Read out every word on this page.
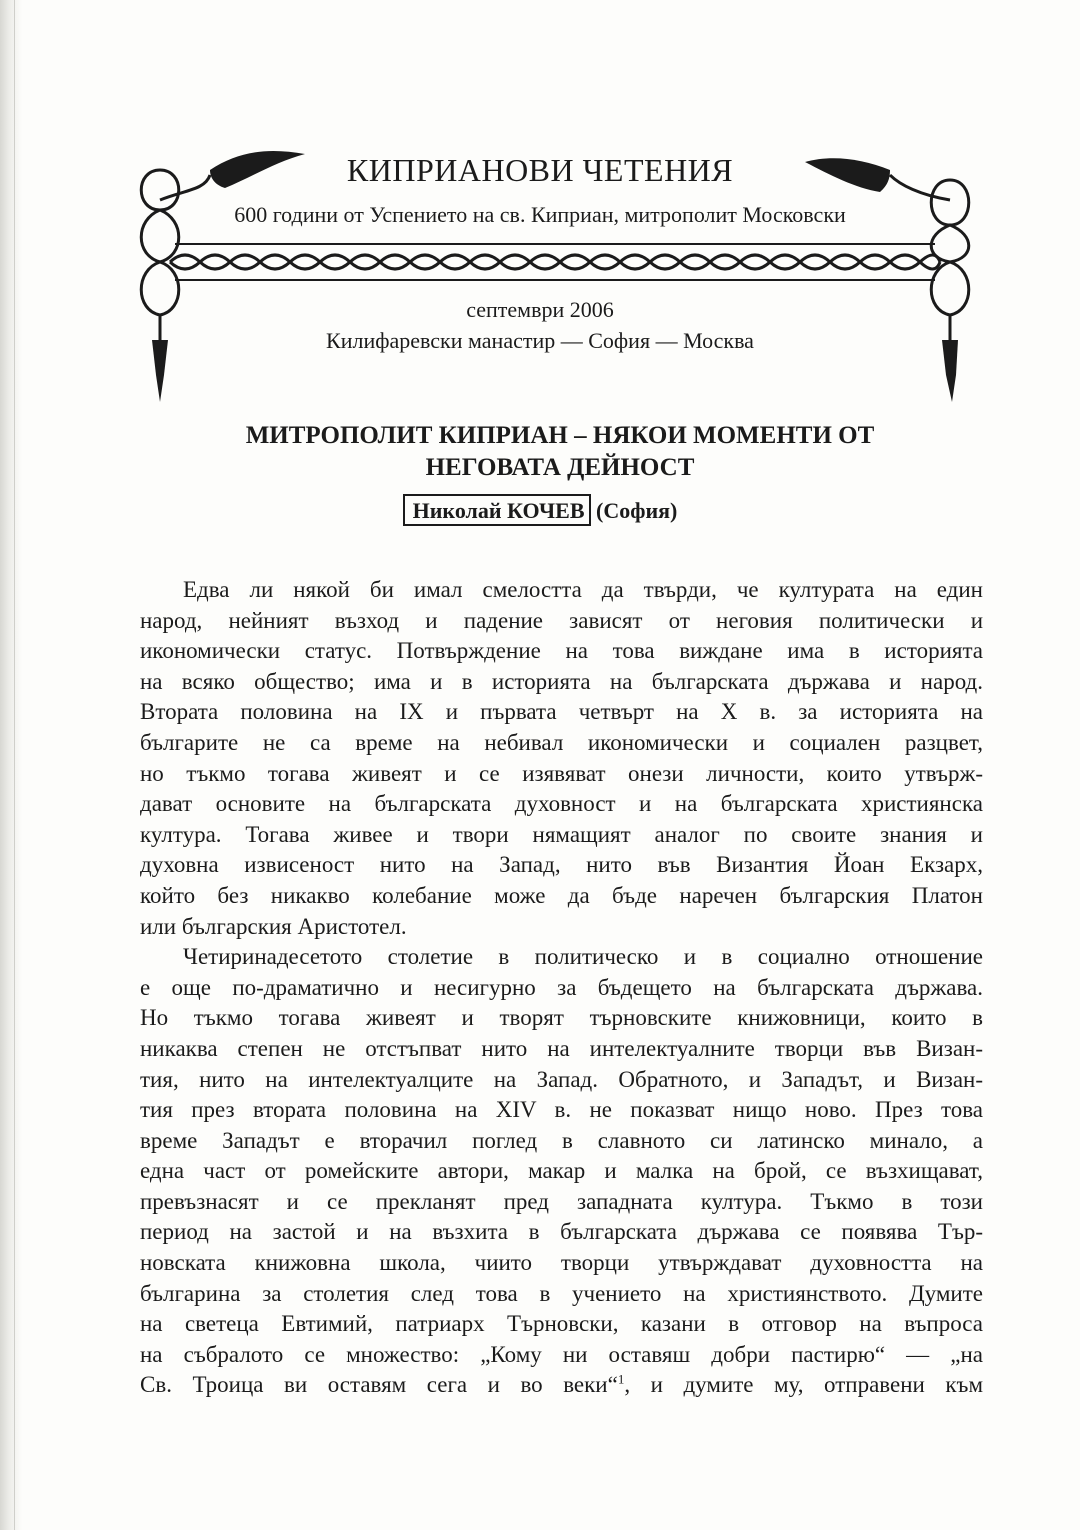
КИПРИАНОВИ ЧЕТЕНИЯ
600 години от Успението на св. Киприан, митрополит Московски
септември 2006
Килифаревски манастир — София — Москва
МИТРОПОЛИТ КИПРИАН – НЯКОИ МОМЕНТИ ОТ
НЕГОВАТА ДЕЙНОСТ
Николай КОЧЕВ (София)
Едва ли някой би имал смелостта да твърди, че културата на един
народ, нейният възход и падение зависят от неговия политически и
икономически статус. Потвърждение на това виждане има в историята
на всяко общество; има и в историята на българската държава и народ.
Втората половина на IX и първата четвърт на X в. за историята на
българите не са време на небивал икономически и социален разцвет,
но тъкмо тогава живеят и се изявяват онези личности, които утвърж-
дават основите на българската духовност и на българската християнска
култура. Тогава живее и твори нямащият аналог по своите знания и
духовна извисеност нито на Запад, нито във Византия Йоан Екзарх,
който без никакво колебание може да бъде наречен българския Платон
или българския Аристотел.
Четиринадесетото столетие в политическо и в социално отношение
е още по-драматично и несигурно за бъдещето на българската държава.
Но тъкмо тогава живеят и творят търновските книжовници, които в
никаква степен не отстъпват нито на интелектуалните творци във Визан-
тия, нито на интелектуалците на Запад. Обратното, и Западът, и Визан-
тия през втората половина на XIV в. не показват нищо ново. През това
време Западът е вторачил поглед в славното си латинско минало, а
една част от ромейските автори, макар и малка на брой, се възхищават,
превъзнасят и се прекланят пред западната култура. Тъкмо в този
период на застой и на възхита в българската държава се появява Тър-
новската книжовна школа, чиито творци утвърждават духовността на
българина за столетия след това в учението на християнството. Думите
на светеца Евтимий, патриарх Търновски, казани в отговор на въпроса
на събралото се множество: „Кому ни оставяш добри пастирю“ — „на
Св. Троица ви оставям сега и во веки“$^1$, и думите му, отправени към
